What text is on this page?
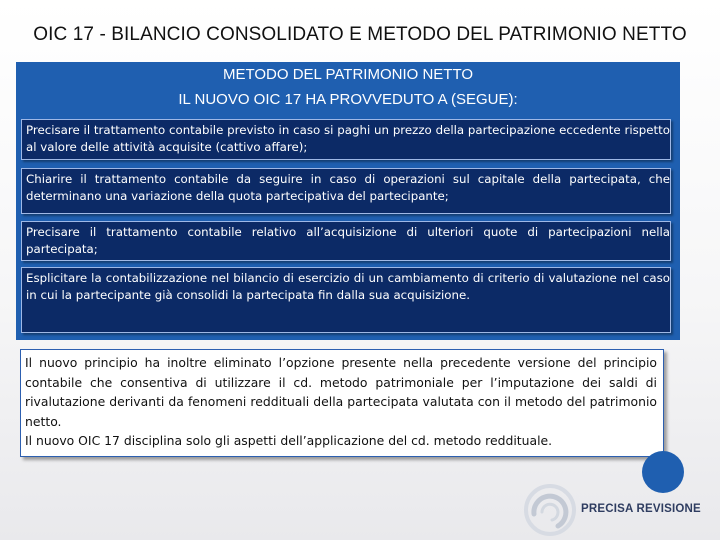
OIC 17 - BILANCIO CONSOLIDATO E METODO DEL PATRIMONIO NETTO
METODO DEL PATRIMONIO NETTO
IL NUOVO OIC 17 HA PROVVEDUTO A (SEGUE):
Precisare il trattamento contabile previsto in caso si paghi un prezzo della partecipazione eccedente rispetto al valore delle attività acquisite (cattivo affare);
Chiarire il trattamento contabile da seguire in caso di operazioni sul capitale della partecipata, che determinano una variazione della quota partecipativa del partecipante;
Precisare il trattamento contabile relativo all’acquisizione di ulteriori quote di partecipazioni nella partecipata;
Esplicitare la contabilizzazione nel bilancio di esercizio di un cambiamento di criterio di valutazione nel caso in cui la partecipante già consolidi la partecipata fin dalla sua acquisizione.

Il nuovo principio ha inoltre eliminato l’opzione presente nella precedente versione del principio contabile che consentiva di utilizzare il cd. metodo patrimoniale per l’imputazione dei saldi di rivalutazione derivanti da fenomeni reddituali della partecipata valutata con il metodo del patrimonio netto.

Il nuovo OIC 17 disciplina solo gli aspetti dell’applicazione del cd. metodo reddituale.

PRECISA REVISIONE
